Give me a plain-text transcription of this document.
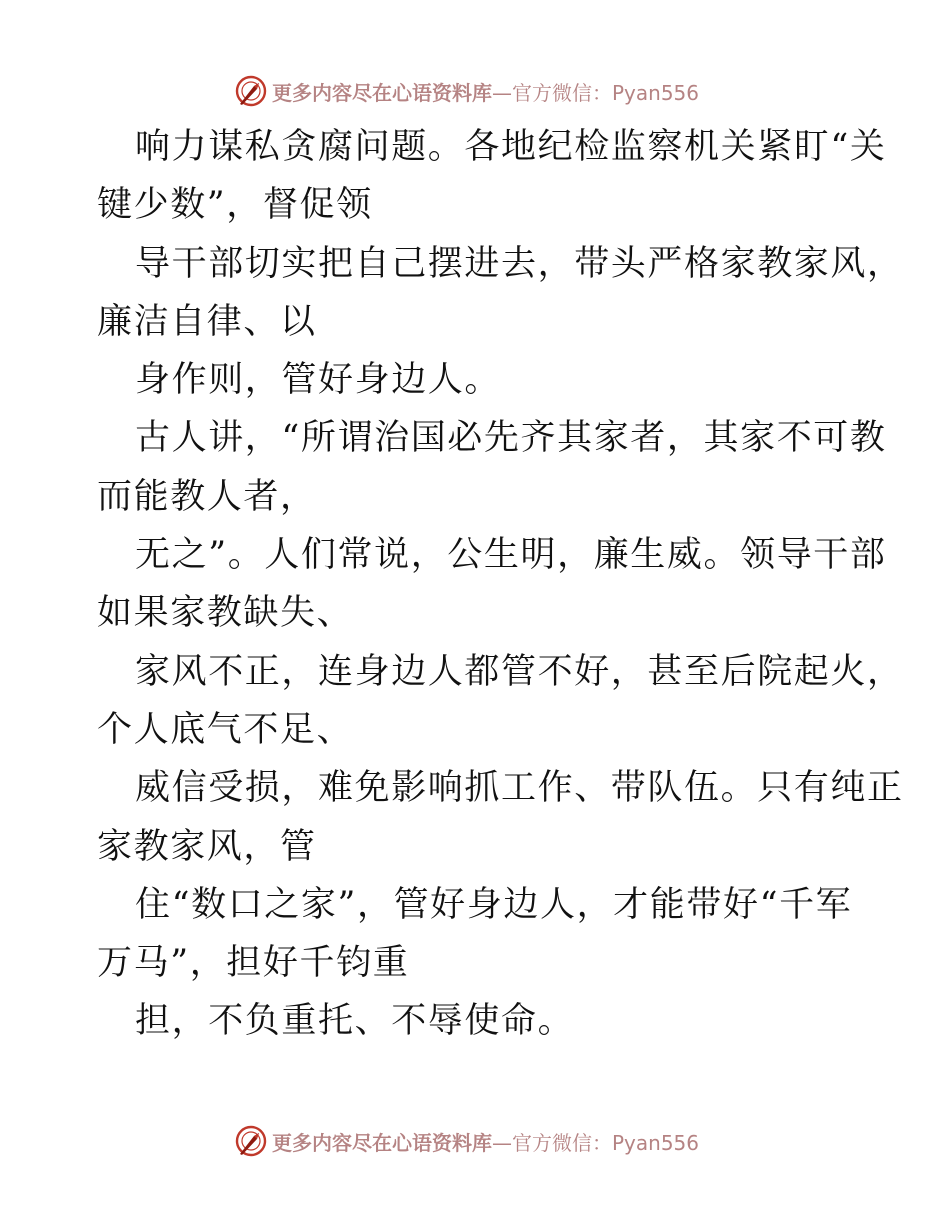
更多内容尽在心语资料库—官方微信：Pyan556
响力谋私贪腐问题。各地纪检监察机关紧盯“关
键少数”，督促领
导干部切实把自己摆进去，带头严格家教家风，
廉洁自律、以
身作则，管好身边人。
古人讲，“所谓治国必先齐其家者，其家不可教
而能教人者，
无之”。人们常说，公生明，廉生威。领导干部
如果家教缺失、
家风不正，连身边人都管不好，甚至后院起火，
个人底气不足、
威信受损，难免影响抓工作、带队伍。只有纯正
家教家风，管
住“数口之家”，管好身边人，才能带好“千军
万马”，担好千钧重
担，不负重托、不辱使命。
更多内容尽在心语资料库—官方微信：Pyan556
